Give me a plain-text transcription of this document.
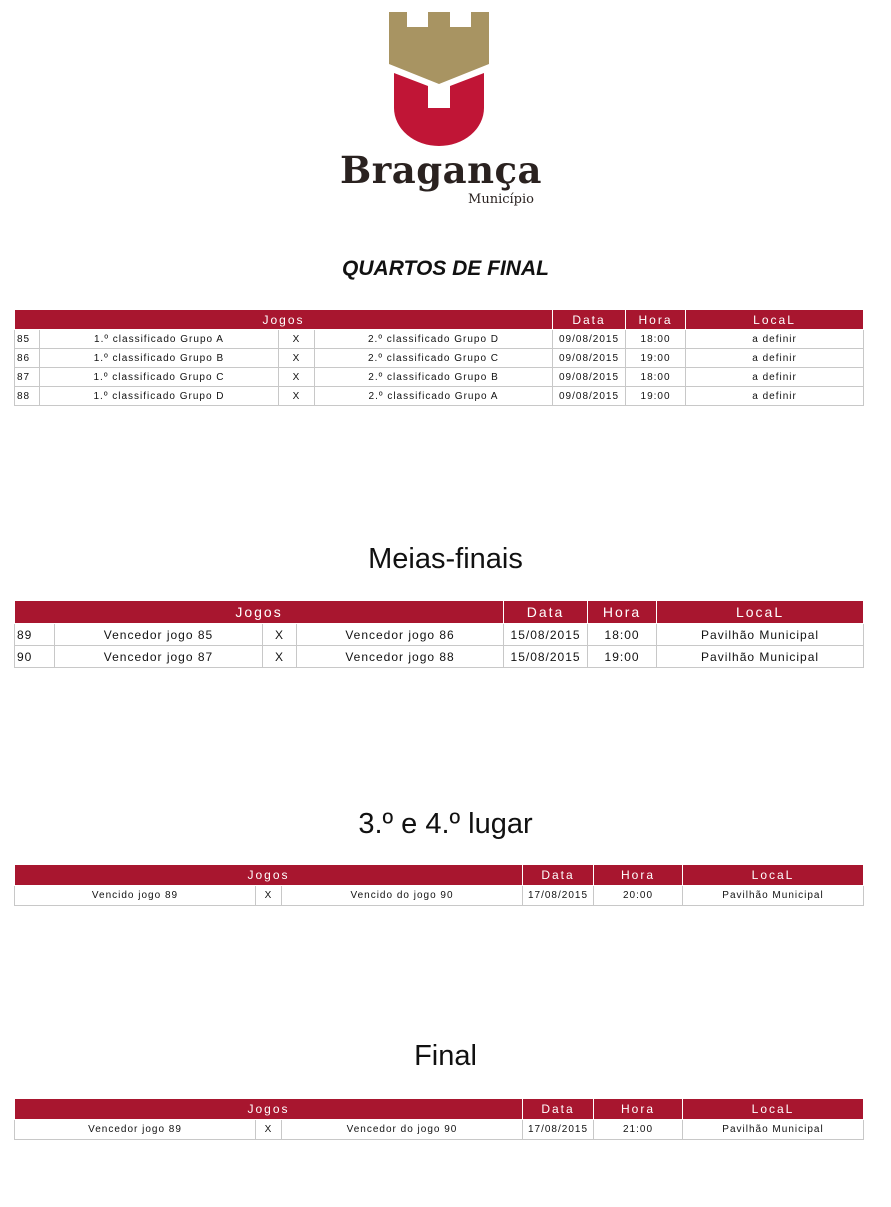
Bragança
Município
QUARTOS DE FINAL
Jogos				Data	Hora	LocaL
85	1.º classificado Grupo A	X	2.º classificado Grupo D	09/08/2015	18:00	a definir
86	1.º classificado Grupo B	X	2.º classificado Grupo C	09/08/2015	19:00	a definir
87	1.º classificado Grupo C	X	2.º classificado Grupo B	09/08/2015	18:00	a definir
88	1.º classificado Grupo D	X	2.º classificado Grupo A	09/08/2015	19:00	a definir
Meias-finais
Jogos				Data	Hora	LocaL
89	Vencedor jogo 85	X	Vencedor jogo 86	15/08/2015	18:00	Pavilhão Municipal
90	Vencedor jogo 87	X	Vencedor jogo 88	15/08/2015	19:00	Pavilhão Municipal
3.º e 4.º lugar
Jogos			Data	Hora	LocaL
Vencido jogo 89	X	Vencido do jogo 90	17/08/2015	20:00	Pavilhão Municipal
Final
Jogos			Data	Hora	LocaL
Vencedor jogo 89	X	Vencedor do jogo 90	17/08/2015	21:00	Pavilhão Municipal
